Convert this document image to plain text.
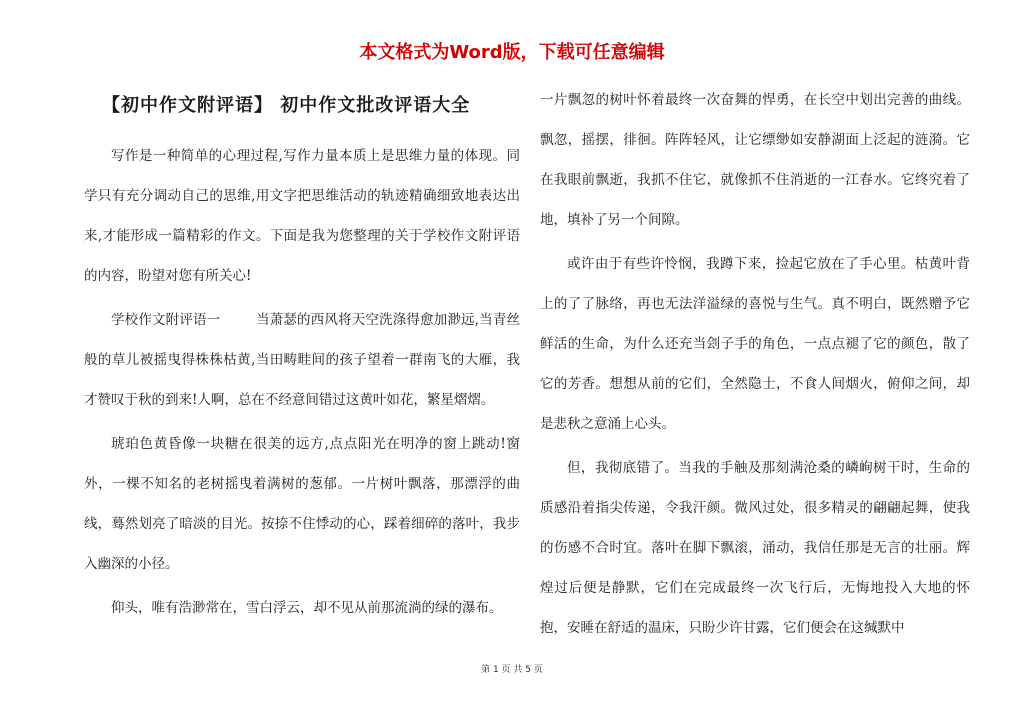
本文格式为Word版，下载可任意编辑
【初中作文附评语】 初中作文批改评语大全

写作是一种简单的心理过程,写作力量本质上是思维力量的体现。同学只有充分调动自己的思维,用文字把思维活动的轨迹精确细致地表达出来,才能形成一篇精彩的作文。下面是我为您整理的关于学校作文附评语的内容，盼望对您有所关心!

学校作文附评语一        当萧瑟的西风将天空洗涤得愈加渺远,当青丝般的草儿被摇曳得株株枯黄,当田畴畦间的孩子望着一群南飞的大雁，我才赞叹于秋的到来!人啊，总在不经意间错过这黄叶如花，繁星熠熠。

琥珀色黄昏像一块糖在很美的远方,点点阳光在明净的窗上跳动!窗外，一棵不知名的老树摇曳着满树的葱郁。一片树叶飘落，那漂浮的曲线，蓦然划亮了暗淡的目光。按捺不住悸动的心，踩着细碎的落叶，我步入幽深的小径。

仰头，唯有浩渺常在，雪白浮云，却不见从前那流淌的绿的瀑布。

一片飘忽的树叶怀着最终一次奋舞的悍勇，在长空中划出完善的曲线。飘忽，摇摆，徘徊。阵阵轻风，让它缥缈如安静湖面上泛起的涟漪。它在我眼前飘逝，我抓不住它，就像抓不住消逝的一江春水。它终究着了地，填补了另一个间隙。

或许由于有些许怜悯，我蹲下来，捡起它放在了手心里。枯黄叶背上的了了脉络，再也无法洋溢绿的喜悦与生气。真不明白，既然赠予它鲜活的生命，为什么还充当刽子手的角色，一点点褪了它的颜色，散了它的芳香。想想从前的它们，全然隐士，不食人间烟火，俯仰之间，却是悲秋之意涌上心头。

但，我彻底错了。当我的手触及那刻满沧桑的嶙峋树干时，生命的质感沿着指尖传递，令我汗颜。微风过处，很多精灵的翩翩起舞，使我的伤感不合时宜。落叶在脚下飘滚，涌动，我信任那是无言的壮丽。辉煌过后便是静默，它们在完成最终一次飞行后，无悔地投入大地的怀抱，安睡在舒适的温床，只盼少许甘露，它们便会在这缄默中

第 1 页 共 5 页
